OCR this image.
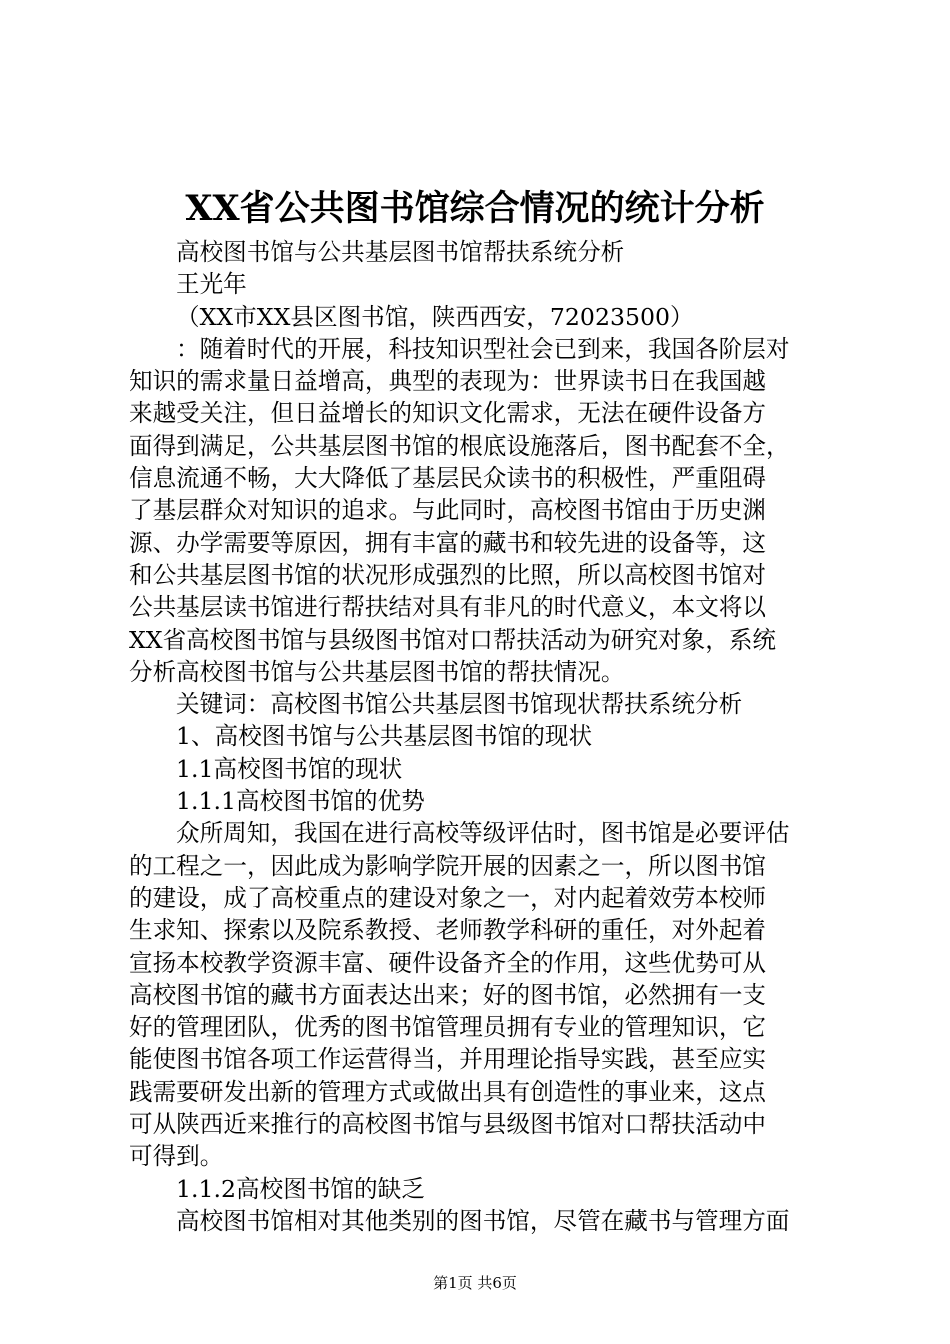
XX省公共图书馆综合情况的统计分析
高校图书馆与公共基层图书馆帮扶系统分析
王光年
（XX市XX县区图书馆，陕西西安，72023500）
：随着时代的开展，科技知识型社会已到来，我国各阶层对
知识的需求量日益增高，典型的表现为：世界读书日在我国越
来越受关注，但日益增长的知识文化需求，无法在硬件设备方
面得到满足，公共基层图书馆的根底设施落后，图书配套不全，
信息流通不畅，大大降低了基层民众读书的积极性，严重阻碍
了基层群众对知识的追求。与此同时，高校图书馆由于历史渊
源、办学需要等原因，拥有丰富的藏书和较先进的设备等，这
和公共基层图书馆的状况形成强烈的比照，所以高校图书馆对
公共基层读书馆进行帮扶结对具有非凡的时代意义，本文将以
XX省高校图书馆与县级图书馆对口帮扶活动为研究对象，系统
分析高校图书馆与公共基层图书馆的帮扶情况。
关键词：高校图书馆公共基层图书馆现状帮扶系统分析
1、高校图书馆与公共基层图书馆的现状
1.1高校图书馆的现状
1.1.1高校图书馆的优势
众所周知，我国在进行高校等级评估时，图书馆是必要评估
的工程之一，因此成为影响学院开展的因素之一，所以图书馆
的建设，成了高校重点的建设对象之一，对内起着效劳本校师
生求知、探索以及院系教授、老师教学科研的重任，对外起着
宣扬本校教学资源丰富、硬件设备齐全的作用，这些优势可从
高校图书馆的藏书方面表达出来；好的图书馆，必然拥有一支
好的管理团队，优秀的图书馆管理员拥有专业的管理知识，它
能使图书馆各项工作运营得当，并用理论指导实践，甚至应实
践需要研发出新的管理方式或做出具有创造性的事业来，这点
可从陕西近来推行的高校图书馆与县级图书馆对口帮扶活动中
可得到。
1.1.2高校图书馆的缺乏
高校图书馆相对其他类别的图书馆，尽管在藏书与管理方面
第1页 共6页
